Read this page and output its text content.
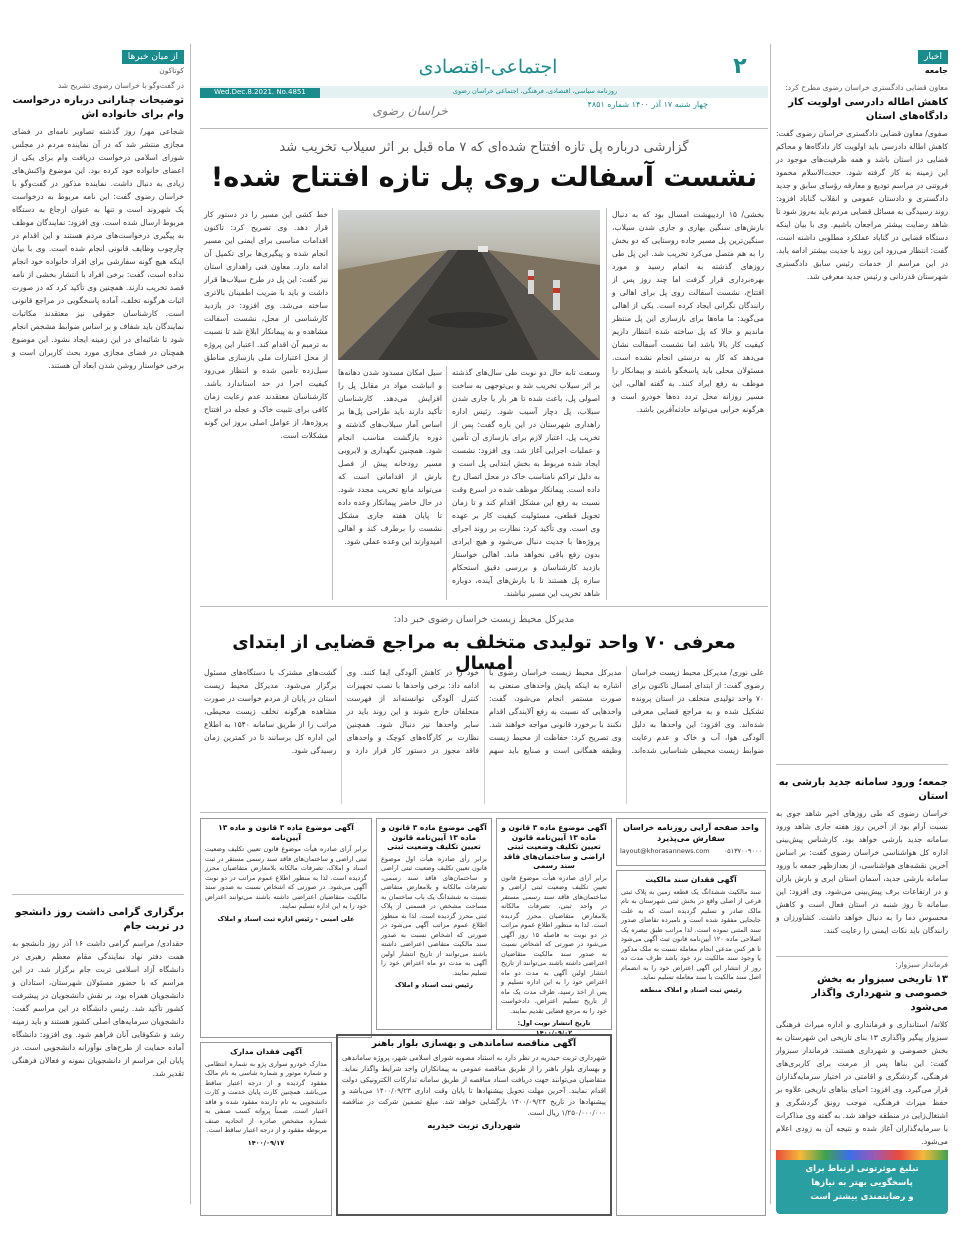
۲
اجتماعی-اقتصادی
روزنامه سیاسی، اقتصادی، فرهنگی، اجتماعی خراسان رضوی
چهار شنبه ۱۷ آذر ۱۴۰۰ شماره ۴۸۵۱
Wed.Dec.8.2021. No.4851
خراسان رضوی
اخبار
جامعه
معاون قضایی دادگستری خراسان رضوی مطرح کرد:
کاهش اطاله دادرسی اولویت کار دادگاه‌های استان
صفوی/ معاون قضایی دادگستری خراسان رضوی گفت: کاهش اطاله دادرسی باید اولویت کار دادگاه‌ها و محاکم قضایی در استان باشد و همه ظرفیت‌های موجود در این زمینه به کار گرفته شود. حجت‌الاسلام محمود فروتنی در مراسم تودیع و معارفه رؤسای سابق و جدید دادگستری و دادستان عمومی و انقلاب گناباد افزود: روند رسیدگی به مسائل قضایی مردم باید به‌روز شود تا شاهد رضایت بیشتر مراجعان باشیم. وی با بیان اینکه دستگاه قضایی در گناباد عملکرد مطلوبی داشته است، گفت: انتظار می‌رود این روند با جدیت بیشتر ادامه یابد. در این مراسم از خدمات رئیس سابق دادگستری شهرستان قدردانی و رئیس جدید معرفی شد.
جمعه؛ ورود سامانه جدید بارشی به استان
خراسان رضوی که طی روزهای اخیر شاهد جوی به نسبت آرام بود از آخرین روز هفته جاری شاهد ورود سامانه جدید بارشی خواهد بود. کارشناس پیش‌بینی اداره کل هواشناسی خراسان رضوی گفت: بر اساس آخرین نقشه‌های هواشناسی، از بعدازظهر جمعه با ورود سامانه بارشی جدید، آسمان استان ابری و بارش باران و در ارتفاعات برف پیش‌بینی می‌شود. وی افزود: این سامانه تا روز شنبه در استان فعال است و کاهش محسوس دما را به دنبال خواهد داشت. کشاورزان و رانندگان باید نکات ایمنی را رعایت کنند.
فرماندار سبزوار:
۱۳ تاریخی سبزوار به بخش خصوصی و شهرداری واگذار می‌شود
کلاته/ استانداری و فرمانداری و اداره میراث فرهنگی سبزوار پیگیر واگذاری ۱۳ بنای تاریخی این شهرستان به بخش خصوصی و شهرداری هستند. فرماندار سبزوار گفت: این بناها پس از مرمت برای کاربری‌های فرهنگی، گردشگری و اقامتی در اختیار سرمایه‌گذاران قرار می‌گیرد. وی افزود: احیای بناهای تاریخی علاوه بر حفظ میراث فرهنگی، موجب رونق گردشگری و اشتغال‌زایی در منطقه خواهد شد. به گفته وی مذاکرات با سرمایه‌گذاران آغاز شده و نتیجه آن به زودی اعلام می‌شود.
تبلیغ موثرتونی ارتباط برای
پاسخگویی بهتر به نیازها
و رضایتمندی بیشتر است
از میان خبرها
کوتاکون
در گفت‌وگو با خراسان رضوی تشریح شد
توضیحات چنارانی درباره درخواست وام برای خانواده اش
شجاعی مهر/ روز گذشته تصاویر نامه‌ای در فضای مجازی منتشر شد که در آن نماینده مردم در مجلس شورای اسلامی درخواست دریافت وام برای یکی از اعضای خانواده خود کرده بود. این موضوع واکنش‌های زیادی به دنبال داشت. نماینده مذکور در گفت‌وگو با خراسان رضوی گفت: این نامه مربوط به درخواست یک شهروند است و تنها به عنوان ارجاع به دستگاه مربوط ارسال شده است. وی افزود: نمایندگان موظف به پیگیری درخواست‌های مردم هستند و این اقدام در چارچوب وظایف قانونی انجام شده است. وی با بیان اینکه هیچ گونه سفارشی برای افراد خانواده خود انجام نداده است، گفت: برخی افراد با انتشار بخشی از نامه قصد تخریب دارند. همچنین وی تأکید کرد که در صورت اثبات هرگونه تخلف، آماده پاسخگویی در مراجع قانونی است. کارشناسان حقوقی نیز معتقدند مکاتبات نمایندگان باید شفاف و بر اساس ضوابط مشخص انجام شود تا شائبه‌ای در این زمینه ایجاد نشود. این موضوع همچنان در فضای مجازی مورد بحث کاربران است و برخی خواستار روشن شدن ابعاد آن هستند.
برگزاری گرامی داشت روز دانشجو در تربت جام
حقدادی/ مراسم گرامی داشت ۱۶ آذر روز دانشجو به همت دفتر نهاد نمایندگی مقام معظم رهبری در دانشگاه آزاد اسلامی تربت جام برگزار شد. در این مراسم که با حضور مسئولان شهرستان، استادان و دانشجویان همراه بود، بر نقش دانشجویان در پیشرفت کشور تأکید شد. رئیس دانشگاه در این مراسم گفت: دانشجویان سرمایه‌های اصلی کشور هستند و باید زمینه رشد و شکوفایی آنان فراهم شود. وی افزود: دانشگاه آماده حمایت از طرح‌های نوآورانه دانشجویی است. در پایان این مراسم از دانشجویان نمونه و فعالان فرهنگی تقدیر شد.
گزارشی درباره پل تازه افتتاح شده‌ای که ۷ ماه قبل بر اثر سیلاب تخریب شد
نشست آسفالت روی پل تازه افتتاح شده!
بخشی/ ۱۵ اردیبهشت امسال بود که به دنبال بارش‌های سنگین بهاری و جاری شدن سیلاب، سنگین‌ترین پل مسیر جاده روستایی که دو بخش را به هم متصل می‌کرد تخریب شد. این پل طی روزهای گذشته به اتمام رسید و مورد بهره‌برداری قرار گرفت اما چند روز پس از افتتاح، نشست آسفالت روی پل برای اهالی و رانندگان نگرانی ایجاد کرده است. یکی از اهالی می‌گوید: ما ماه‌ها برای بازسازی این پل منتظر ماندیم و حالا که پل ساخته شده انتظار داریم کیفیت کار بالا باشد اما نشست آسفالت نشان می‌دهد که کار به درستی انجام نشده است. مسئولان محلی باید پاسخگو باشند و پیمانکار را موظف به رفع ایراد کنند. به گفته اهالی، این مسیر روزانه محل تردد ده‌ها خودرو است و هرگونه خرابی می‌تواند حادثه‌آفرین باشد.
وسعت تابه حال دو نوبت طی سال‌های گذشته بر اثر سیلاب تخریب شد و بی‌توجهی به ساخت اصولی پل، باعث شده تا هر بار با جاری شدن سیلاب، پل دچار آسیب شود. رئیس اداره راهداری شهرستان در این باره گفت: پس از تخریب پل، اعتبار لازم برای بازسازی آن تأمین و عملیات اجرایی آغاز شد. وی افزود: نشست ایجاد شده مربوط به بخش ابتدایی پل است و به دلیل تراکم نامناسب خاک در محل اتصال رخ داده است. پیمانکار موظف شده در اسرع وقت نسبت به رفع این مشکل اقدام کند و تا زمان تحویل قطعی، مسئولیت کیفیت کار بر عهده وی است. وی تأکید کرد: نظارت بر روند اجرای پروژه‌ها با جدیت دنبال می‌شود و هیچ ایرادی بدون رفع باقی نخواهد ماند. اهالی خواستار بازدید کارشناسان و بررسی دقیق استحکام سازه پل هستند تا با بارش‌های آینده، دوباره شاهد تخریب این مسیر نباشند.
سیل امکان مسدود شدن دهانه‌ها و انباشت مواد در مقابل پل را افزایش می‌دهد. کارشناسان تأکید دارند باید طراحی پل‌ها بر اساس آمار سیلاب‌های گذشته و دوره بازگشت مناسب انجام شود. همچنین نگهداری و لایروبی مسیر رودخانه پیش از فصل بارش از اقداماتی است که می‌تواند مانع تخریب مجدد شود. در حال حاضر پیمانکار وعده داده تا پایان هفته جاری مشکل نشست را برطرف کند و اهالی امیدوارند این وعده عملی شود.
خط کشی این مسیر را در دستور کار قرار دهد. وی تصریح کرد: تاکنون اقدامات مناسبی برای ایمنی این مسیر انجام شده و پیگیری‌ها برای تکمیل آن ادامه دارد. معاون فنی راهداری استان نیز گفت: این پل در طرح سیلاب‌ها قرار داشت و باید با ضریب اطمینان بالاتری ساخته می‌شد. وی افزود: در بازدید کارشناسی از محل، نشست آسفالت مشاهده و به پیمانکار ابلاغ شد تا نسبت به ترمیم آن اقدام کند. اعتبار این پروژه از محل اعتبارات ملی بازسازی مناطق سیل‌زده تأمین شده و انتظار می‌رود کیفیت اجرا در حد استاندارد باشد. کارشناسان معتقدند عدم رعایت زمان کافی برای تثبیت خاک و عجله در افتتاح پروژه‌ها، از عوامل اصلی بروز این گونه مشکلات است.
مدیرکل محیط زیست خراسان رضوی خبر داد:
معرفی ۷۰ واحد تولیدی متخلف به مراجع قضایی از ابتدای امسال	علی نوری/ مدیرکل محیط زیست خراسان رضوی گفت: از ابتدای امسال تاکنون برای ۷۰ واحد تولیدی متخلف در استان پرونده تشکیل شده و به مراجع قضایی معرفی شده‌اند. وی افزود: این واحدها به دلیل آلودگی هوا، آب و خاک و عدم رعایت ضوابط زیست محیطی شناسایی شده‌اند. مدیرکل محیط زیست خراسان رضوی با اشاره به اینکه پایش واحدهای صنعتی به صورت مستمر انجام می‌شود، گفت: واحدهایی که نسبت به رفع آلایندگی اقدام نکنند با برخورد قانونی مواجه خواهند شد. وی تصریح کرد: حفاظت از محیط زیست وظیفه همگانی است و صنایع باید سهم خود را در کاهش آلودگی ایفا کنند. وی ادامه داد: برخی واحدها با نصب تجهیزات کنترل آلودگی توانسته‌اند از فهرست متخلفان خارج شوند و این روند باید در سایر واحدها نیز دنبال شود. همچنین نظارت بر کارگاه‌های کوچک و واحدهای فاقد مجوز در دستور کار قرار دارد و گشت‌های مشترک با دستگاه‌های مسئول برگزار می‌شود. مدیرکل محیط زیست استان در پایان از مردم خواست در صورت مشاهده هرگونه تخلف زیست محیطی، مراتب را از طریق سامانه ۱۵۴۰ به اطلاع این اداره کل برسانند تا در کمترین زمان رسیدگی شود.
واحد صفحه آرایی روزنامه خراسان سفارش می‌پذیرد
layout@khorasannews.com ۰۵۱۳۷۰۰۹۰۰۰
آگهی فقدان سند مالکیت
سند مالکیت ششدانگ یک قطعه زمین به پلاک ثبتی فرعی از اصلی واقع در بخش ثبتی شهرستان به نام مالک صادر و تسلیم گردیده است که به علت جابجایی مفقود شده است و نامبرده تقاضای صدور سند المثنی نموده است. لذا مراتب طبق تبصره یک اصلاحی ماده ۱۲۰ آیین‌نامه قانون ثبت آگهی می‌شود تا هر کس مدعی انجام معامله نسبت به ملک مذکور یا وجود سند مالکیت نزد خود باشد ظرف مدت ده روز از انتشار این آگهی اعتراض خود را به انضمام اصل سند مالکیت یا سند معامله تسلیم نماید.
رئیس ثبت اسناد و املاک منطقه
آگهی موضوع ماده ۳ قانون و ماده ۱۳ آیین‌نامه قانون تعیین تکلیف وضعیت ثبتی اراضی و ساختمان‌های فاقد سند رسمی
برابر آرای صادره هیأت موضوع قانون تعیین تکلیف وضعیت ثبتی اراضی و ساختمان‌های فاقد سند رسمی مستقر در واحد ثبتی، تصرفات مالکانه بلامعارض متقاضیان محرز گردیده است. لذا به منظور اطلاع عموم مراتب در دو نوبت به فاصله ۱۵ روز آگهی می‌شود در صورتی که اشخاص نسبت به صدور سند مالکیت متقاضیان اعتراضی داشته باشند می‌توانند از تاریخ انتشار اولین آگهی به مدت دو ماه اعتراض خود را به این اداره تسلیم و پس از اخذ رسید، ظرف مدت یک ماه از تاریخ تسلیم اعتراض، دادخواست خود را به مرجع قضایی تقدیم نمایند.
تاریخ انتشار نوبت اول: ۱۴۰۰/۰۹/۰۲
آگهی موضوع ماده ۳ قانون و ماده ۱۳ آیین‌نامه قانون تعیین تکلیف وضعیت ثبتی
برابر رأی صادره هیأت اول موضوع قانون تعیین تکلیف وضعیت ثبتی اراضی و ساختمان‌های فاقد سند رسمی، تصرفات مالکانه و بلامعارض متقاضی نسبت به ششدانگ یک باب ساختمان به مساحت مشخص در قسمتی از پلاک ثبتی محرز گردیده است. لذا به منظور اطلاع عموم مراتب آگهی می‌شود در صورتی که اشخاص نسبت به صدور سند مالکیت متقاضی اعتراضی داشته باشند می‌توانند از تاریخ انتشار اولین آگهی به مدت دو ماه اعتراض خود را تسلیم نمایند.
رئیس ثبت اسناد و املاک
آگهی موضوع ماده ۳ قانون و ماده ۱۳ آیین‌نامه
برابر آرای صادره هیأت موضوع قانون تعیین تکلیف وضعیت ثبتی اراضی و ساختمان‌های فاقد سند رسمی مستقر در ثبت اسناد و املاک، تصرفات مالکانه بلامعارض متقاضیان محرز گردیده است. لذا به منظور اطلاع عموم مراتب در دو نوبت آگهی می‌شود. در صورتی که اشخاص نسبت به صدور سند مالکیت متقاضیان اعتراضی داشته باشند می‌توانند اعتراض خود را به این اداره تسلیم نمایند.
علی امینی - رئیس اداره ثبت اسناد و املاک
آگهی مناقصه ساماندهی و بهسازی بلوار باهنر
شهرداری تربت حیدریه در نظر دارد به استناد مصوبه شورای اسلامی شهر، پروژه ساماندهی و بهسازی بلوار باهنر را از طریق مناقصه عمومی به پیمانکاران واجد شرایط واگذار نماید. متقاضیان می‌توانند جهت دریافت اسناد مناقصه از طریق سامانه تدارکات الکترونیکی دولت اقدام نمایند. آخرین مهلت تحویل پیشنهادها تا پایان وقت اداری ۱۴۰۰/۰۹/۲۳ می‌باشد و پیشنهادها در تاریخ ۱۴۰۰/۰۹/۲۴ بازگشایی خواهد شد. مبلغ تضمین شرکت در مناقصه ۱/۲۵۰/۰۰۰/۰۰۰ ریال است.
شهرداری تربت حیدریه
آگهی فقدان مدارک
مدارک خودرو سواری پژو به شماره انتظامی و شماره موتور و شماره شاسی به نام مالک مفقود گردیده و از درجه اعتبار ساقط می‌باشد. همچنین کارت پایان خدمت و کارت دانشجویی به نام دارنده مفقود شده و فاقد اعتبار است. ضمناً پروانه کسب صنفی به شماره مشخص صادره از اتحادیه صنف مربوطه مفقود و از درجه اعتبار ساقط است.
۱۴۰۰/۰۹/۱۷
